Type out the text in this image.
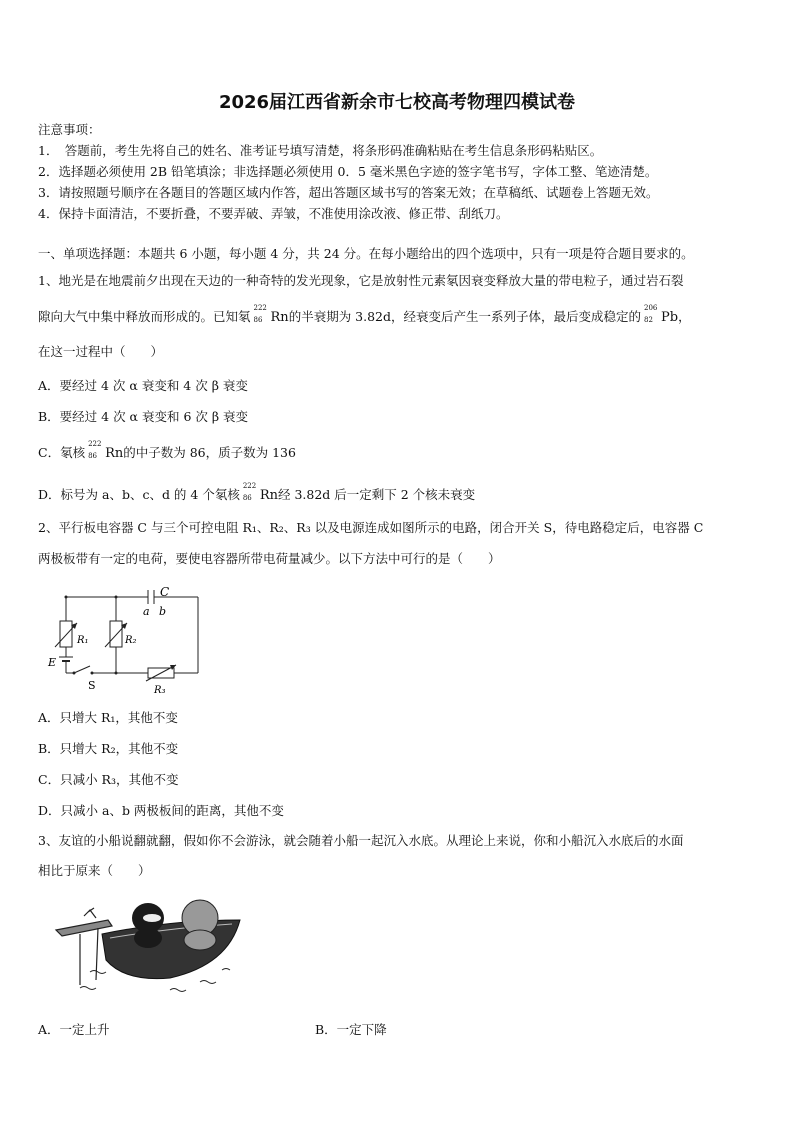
2026届江西省新余市七校高考物理四模试卷
注意事项：
1．　答题前，考生先将自己的姓名、准考证号填写清楚，将条形码准确粘贴在考生信息条形码粘贴区。
2．选择题必须使用 2B 铅笔填涂；非选择题必须使用 0．5 毫米黑色字迹的签字笔书写，字体工整、笔迹清楚。
3．请按照题号顺序在各题目的答题区域内作答，超出答题区域书写的答案无效；在草稿纸、试题卷上答题无效。
4．保持卡面清洁，不要折叠，不要弄破、弄皱，不准使用涂改液、修正带、刮纸刀。
一、单项选择题：本题共 6 小题，每小题 4 分，共 24 分。在每小题给出的四个选项中，只有一项是符合题目要求的。
1、地光是在地震前夕出现在天边的一种奇特的发光现象，它是放射性元素氡因衰变释放大量的带电粒子，通过岩石裂
隙向大气中集中释放而形成的。已知氡
222
86 Rn的半衰期为 3.82d，经衰变后产生一系列子体，最后变成稳定的
206
82 Pb，
在这一过程中（　　）
A．要经过 4 次 α 衰变和 4 次 β 衰变
B．要经过 4 次 α 衰变和 6 次 β 衰变
C．氡核
222
86 Rn的中子数为 86，质子数为 136
D．标号为 a、b、c、d 的 4 个氡核
222
86 Rn经 3.82d 后一定剩下 2 个核未衰变
2、平行板电容器 C 与三个可控电阻 R₁、R₂、R₃ 以及电源连成如图所示的电路，闭合开关 S，待电路稳定后，电容器 C
两极板带有一定的电荷，要使电容器所带电荷量减少。以下方法中可行的是（　　）
C
a b
R₁	R₂
R₃
E
S
A．只增大 R₁，其他不变
B．只增大 R₂，其他不变
C．只减小 R₃，其他不变
D．只减小 a、b 两极板间的距离，其他不变
3、友谊的小船说翻就翻，假如你不会游泳，就会随着小船一起沉入水底。从理论上来说，你和小船沉入水底后的水面
相比于原来（　　）
A．一定上升	B．一定下降
